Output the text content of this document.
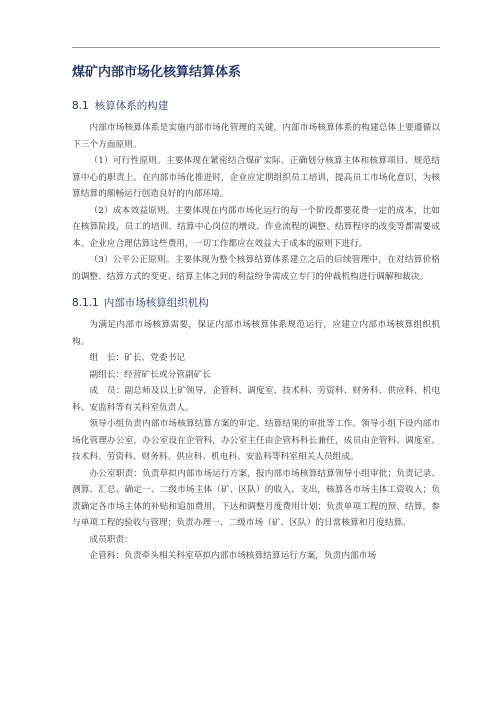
煤矿内部市场化核算结算体系
8.1 核算体系的构建

内部市场核算体系是实施内部市场化管理的关键，内部市场核算体系的构建总体上要遵循以下三个方面原则。

（1）可行性原则。主要体现在紧密结合煤矿实际、正确划分核算主体和核算项目、规范结算中心的职责上。在内部市场化推进时，企业应定期组织员工培训，提高员工市场化意识，为核算结算的顺畅运行创造良好的内部环境。

（2）成本效益原则。主要体现在内部市场化运行的每一个阶段都要花费一定的成本，比如在核算阶段，员工的培训、结算中心岗位的增设、作业流程的调整、结算程序的改变等都需要成本。企业应合理估算这些费用，一切工作都应在效益大于成本的原则下进行。

（3）公平公正原则。主要体现为整个核算结算体系建立之后的后续管理中，在对结算价格的调整、结算方式的变更、结算主体之间的利益纷争需成立专门的仲裁机构进行调解和裁决。

8.1.1 内部市场核算组织机构

为满足内部市场核算需要，保证内部市场核算体系规范运行，应建立内部市场核算组织机构。

组　长：矿长、党委书记

副组长：经营矿长或分管副矿长

成　员：副总师及以上矿领导，企管科、调度室、技术科、劳资科、财务科、供应科、机电科、安监科等有关科室负责人。

领导小组负责内部市场核算结算方案的审定、结算结果的审批等工作。领导小组下设内部市场化管理办公室，办公室设在企管科，办公室主任由企管科科长兼任，成员由企管科、调度室、技术科、劳资科、财务科、供应科、机电科、安监科等科室相关人员组成。

办公室职责：负责草拟内部市场运行方案，报内部市场核算结算领导小组审批；负责记录、测算、汇总、确定一、二级市场主体（矿、区队）的收入、支出，核算各市场主体工资收入；负责确定各市场主体的补贴和追加费用，下达和调整月度费用计划；负责单项工程的预、结算，参与单项工程的验收与管理；负责办理一、二级市场（矿、区队）的日常核算和月度结算。

成员职责：

企管科：负责牵头相关科室草拟内部市场核算结算运行方案，负责内部市场
